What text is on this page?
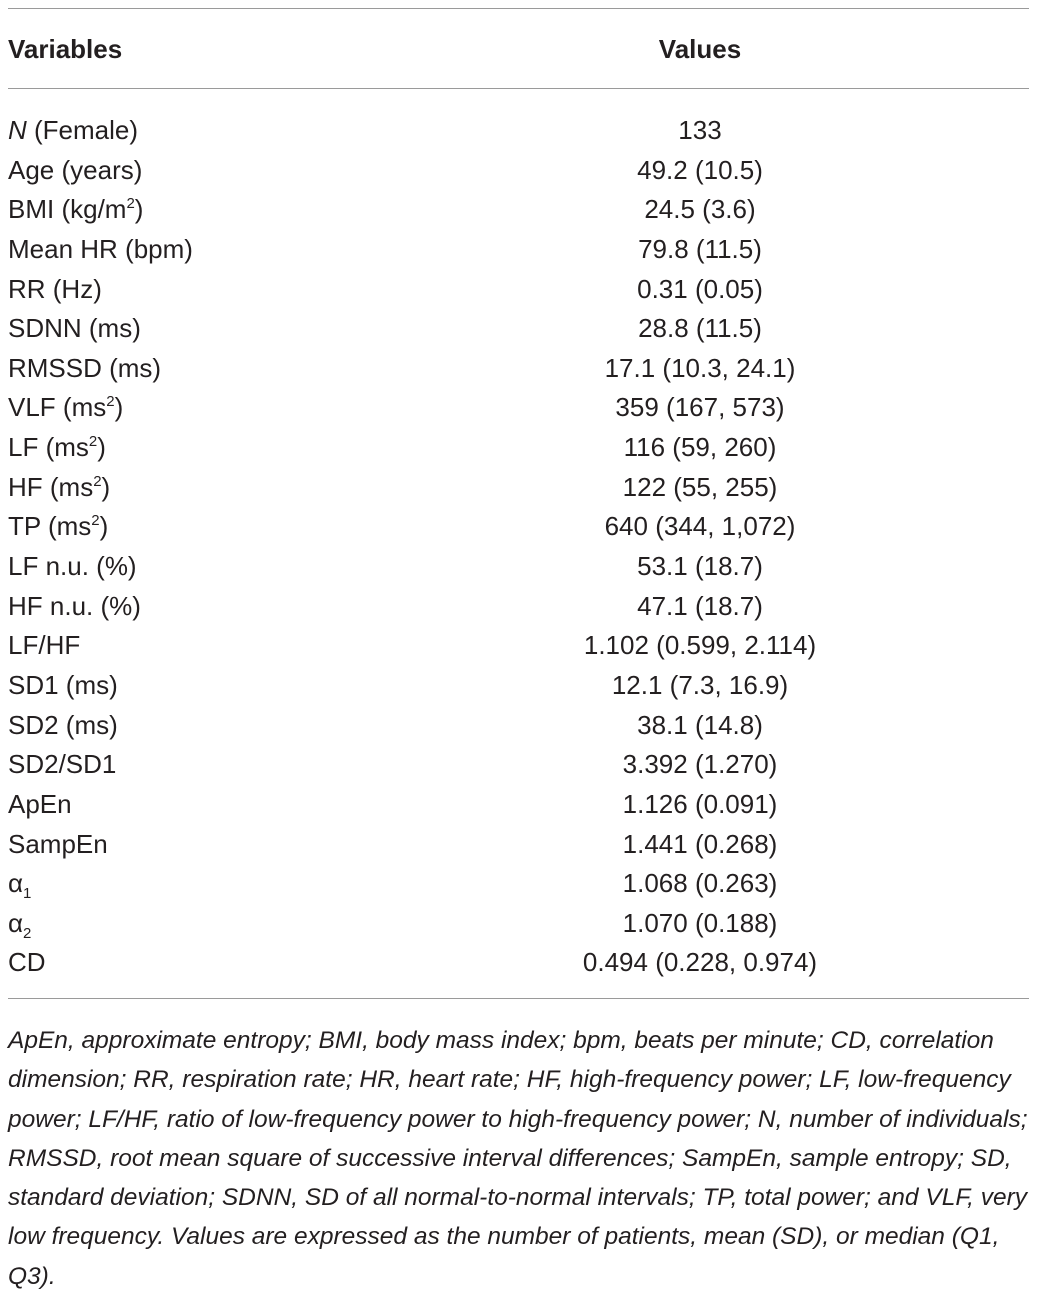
Variables	Values
N (Female)	133
Age (years)	49.2 (10.5)
BMI $(kg/m^2)$	24.5 (3.6)
Mean HR (bpm)	79.8 (11.5)
RR (Hz)	0.31 (0.05)
SDNN (ms)	28.8 (11.5)
RMSSD (ms)	17.1 (10.3, 24.1)
VLF $(ms^2)$	359 (167, 573)
LF $(ms^2)$	116 (59, 260)
HF $(ms^2)$	122 (55, 255)
TP $(ms^2)$	640 (344, 1,072)
LF n.u. (%)	53.1 (18.7)
HF n.u. (%)	47.1 (18.7)
LF/HF	1.102 (0.599, 2.114)
SD1 (ms)	12.1 (7.3, 16.9)
SD2 (ms)	38.1 (14.8)
SD2/SD1	3.392 (1.270)
ApEn	1.126 (0.091)
SampEn	1.441 (0.268)
$\alpha_1$	1.068 (0.263)
$\alpha_2$	1.070 (0.188)
CD	0.494 (0.228, 0.974)
ApEn, approximate entropy; BMI, body mass index; bpm, beats per minute; CD, correlation dimension; RR, respiration rate; HR, heart rate; HF, high-frequency power; LF, low-frequency power; LF/HF, ratio of low-frequency power to high-frequency power; N, number of individuals; RMSSD, root mean square of successive interval differences; SampEn, sample entropy; SD, standard deviation; SDNN, SD of all normal-to-normal intervals; TP, total power; and VLF, very low frequency. Values are expressed as the number of patients, mean (SD), or median (Q1, Q3).
